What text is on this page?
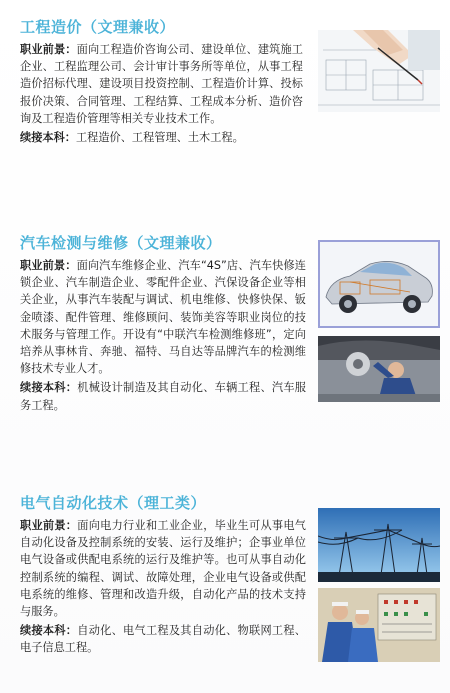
工程造价（文理兼收）

职业前景：面向工程造价咨询公司、建设单位、建筑施工企业、工程监理公司、会计审计事务所等单位，从事工程造价招标代理、建设项目投资控制、工程造价计算、投标报价决策、合同管理、工程结算、工程成本分析、造价咨询及工程造价管理等相关专业技术工作。

续接本科：工程造价、工程管理、土木工程。

汽车检测与维修（文理兼收）

职业前景：面向汽车维修企业、汽车“4S”店、汽车快修连锁企业、汽车制造企业、零配件企业、汽保设备企业等相关企业，从事汽车装配与调试、机电维修、快修快保、钣金喷漆、配件管理、维修顾问、装饰美容等职业岗位的技术服务与管理工作。开设有“中联汽车检测维修班”，定向培养从事林肯、奔驰、福特、马自达等品牌汽车的检测维修技术专业人才。

续接本科：机械设计制造及其自动化、车辆工程、汽车服务工程。

电气自动化技术（理工类）

职业前景：面向电力行业和工业企业，毕业生可从事电气自动化设备及控制系统的安装、运行及维护；企事业单位电气设备或供配电系统的运行及维护等。也可从事自动化控制系统的编程、调试、故障处理，企业电气设备或供配电系统的维修、管理和改造升级，自动化产品的技术支持与服务。

续接本科：自动化、电气工程及其自动化、物联网工程、电子信息工程。
